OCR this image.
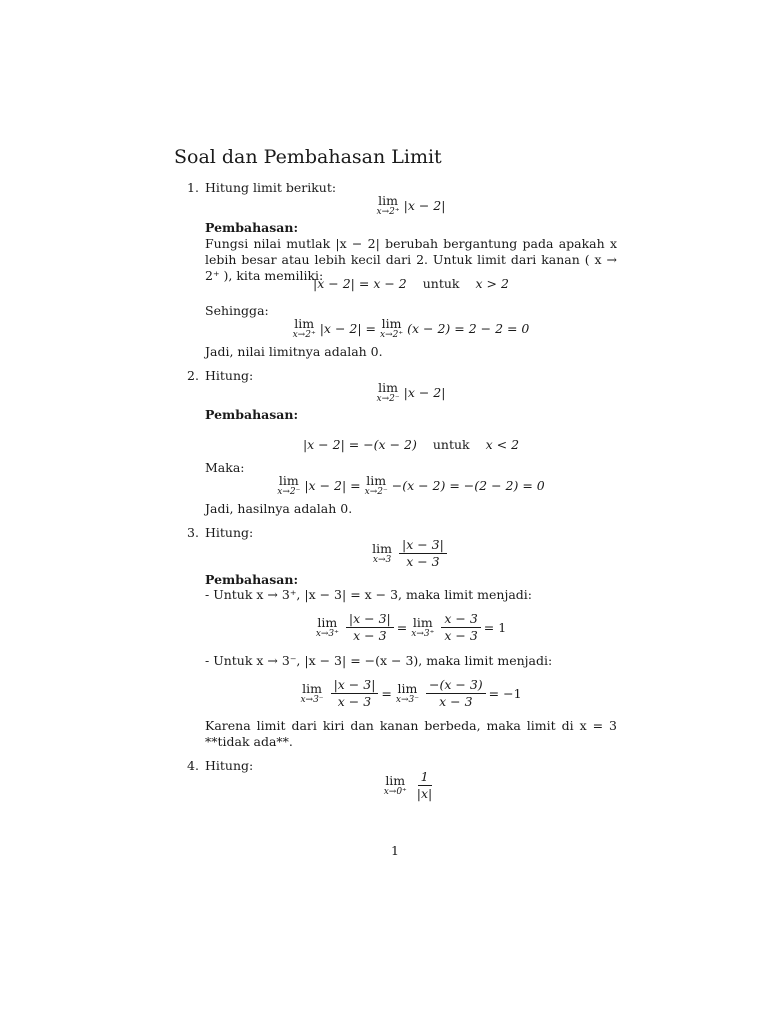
Soal dan Pembahasan Limit
1. Hitung limit berikut:
lim
x→2⁺ |x − 2|
Pembahasan:
Fungsi nilai mutlak |x − 2| berubah bergantung pada apakah x lebih besar atau lebih kecil dari 2. Untuk limit dari kanan ( x → 2⁺ ), kita memiliki:
|x − 2| = x − 2 untuk x > 2
Sehingga:
lim
x→2⁺ |x − 2| = lim
x→2⁺ (x − 2) = 2 − 2 = 0
Jadi, nilai limitnya adalah 0.
2. Hitung:
lim
x→2⁻ |x − 2|
Pembahasan:
|x − 2| = −(x − 2) untuk x < 2
Maka:
lim
x→2⁻ |x − 2| = lim
x→2⁻ −(x − 2) = −(2 − 2) = 0
Jadi, hasilnya adalah 0.
3. Hitung:
lim
$x\to 3 \frac{|x - 3|}{x - 3}$
Pembahasan:
- Untuk x → 3⁺, |x − 3| = x − 3, maka limit menjadi:
lim
$x\to 3^+ \frac{|x - 3|}{x - 3} = \lim$
$x\to 3^+ \frac{x - 3}{x - 3} = 1$
- Untuk x → 3⁻, |x − 3| = −(x − 3), maka limit menjadi:
lim
$x\to 3^- \frac{|x - 3|}{x - 3} = \lim$
$x\to 3^- \frac{-(x - 3)}{x - 3} = -1$
Karena limit dari kiri dan kanan berbeda, maka limit di x = 3 **tidak ada**.
4. Hitung:
lim
$x\to 0^+ \frac{1}{|x|}$
1
